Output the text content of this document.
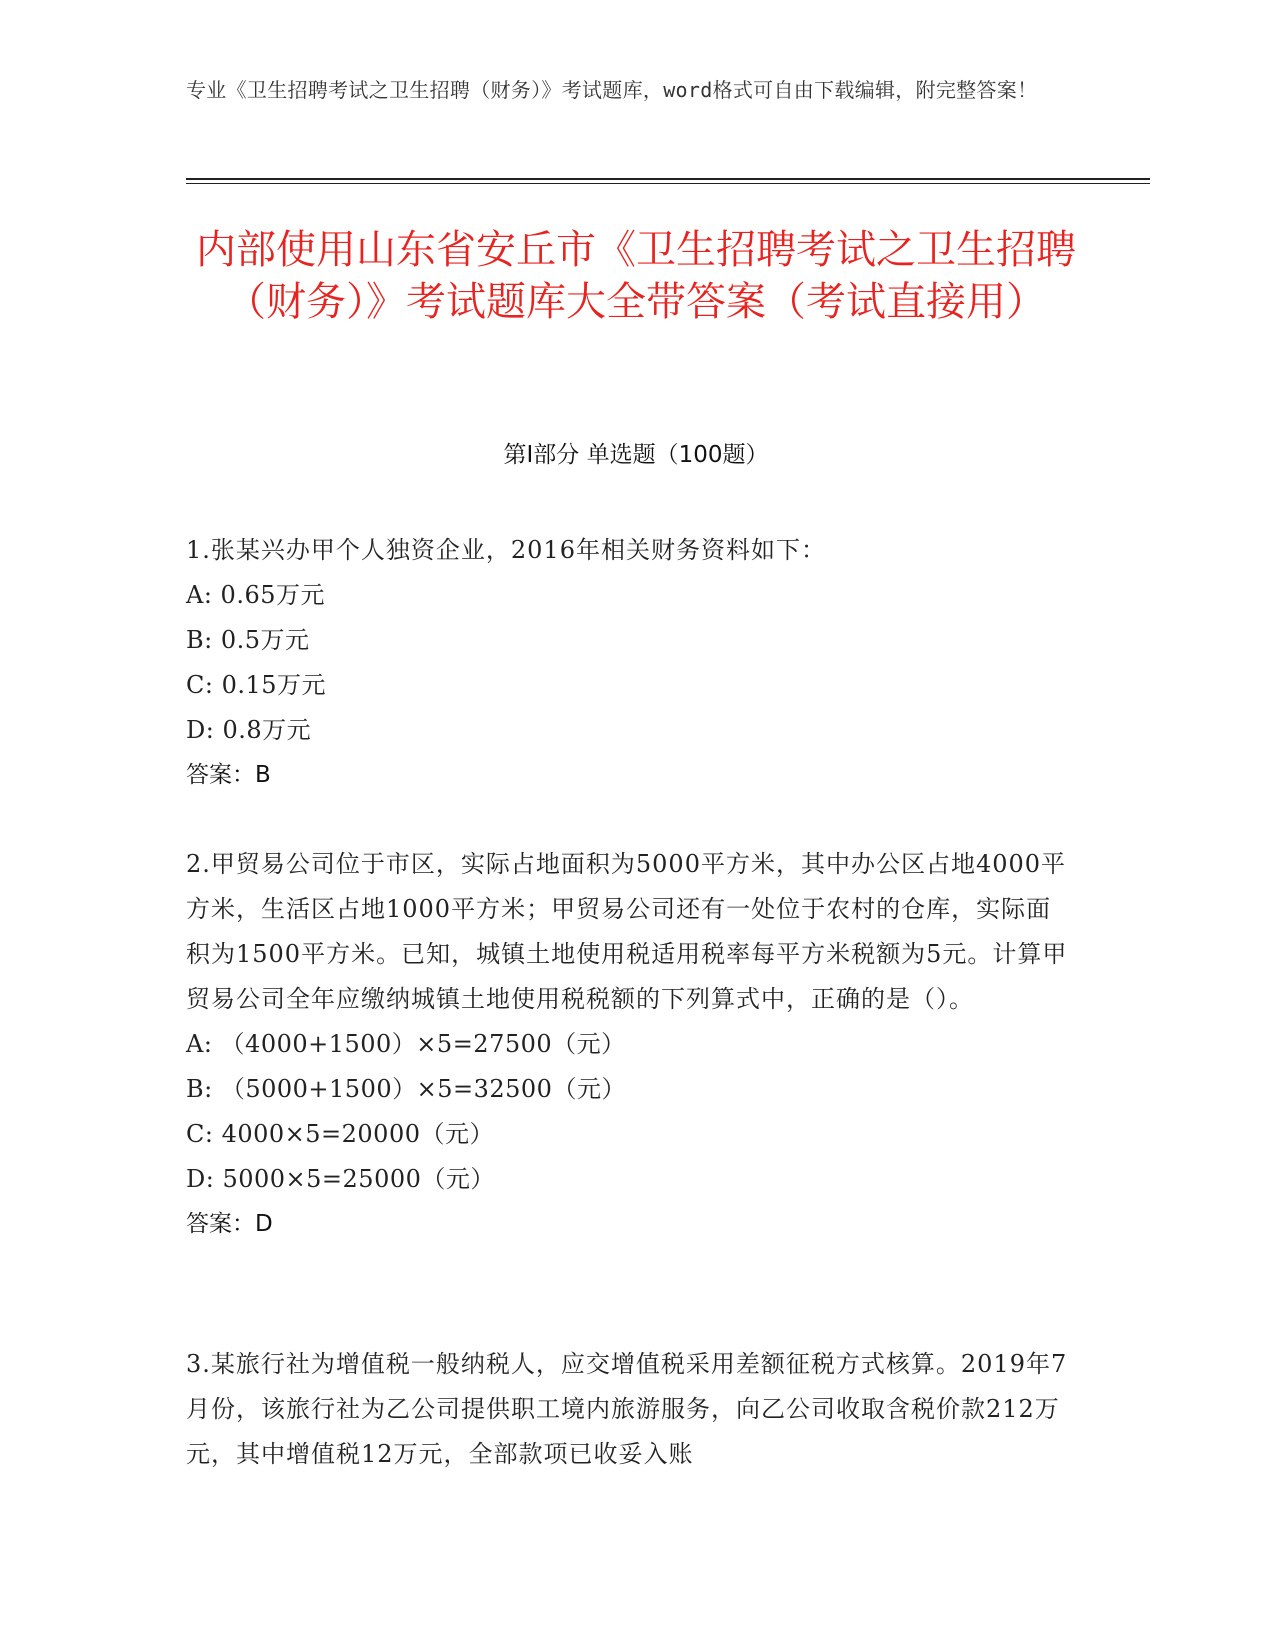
专业《卫生招聘考试之卫生招聘（财务）》考试题库，word格式可自由下载编辑，附完整答案！
内部使用山东省安丘市《卫生招聘考试之卫生招聘（财务）》考试题库大全带答案（考试直接用）
第Ⅰ部分 单选题（100题）
1.张某兴办甲个人独资企业，2016年相关财务资料如下：
A: 0.65万元
B: 0.5万元
C: 0.15万元
D: 0.8万元
答案：B
2.甲贸易公司位于市区，实际占地面积为5000平方米，其中办公区占地4000平方米，生活区占地1000平方米；甲贸易公司还有一处位于农村的仓库，实际面积为1500平方米。已知，城镇土地使用税适用税率每平方米税额为5元。计算甲贸易公司全年应缴纳城镇土地使用税税额的下列算式中，正确的是（）。
A: （4000+1500）×5=27500（元）
B: （5000+1500）×5=32500（元）
C: 4000×5=20000（元）
D: 5000×5=25000（元）
答案：D
3.某旅行社为增值税一般纳税人，应交增值税采用差额征税方式核算。2019年7月份，该旅行社为乙公司提供职工境内旅游服务，向乙公司收取含税价款212万元，其中增值税12万元，全部款项已收妥入账
